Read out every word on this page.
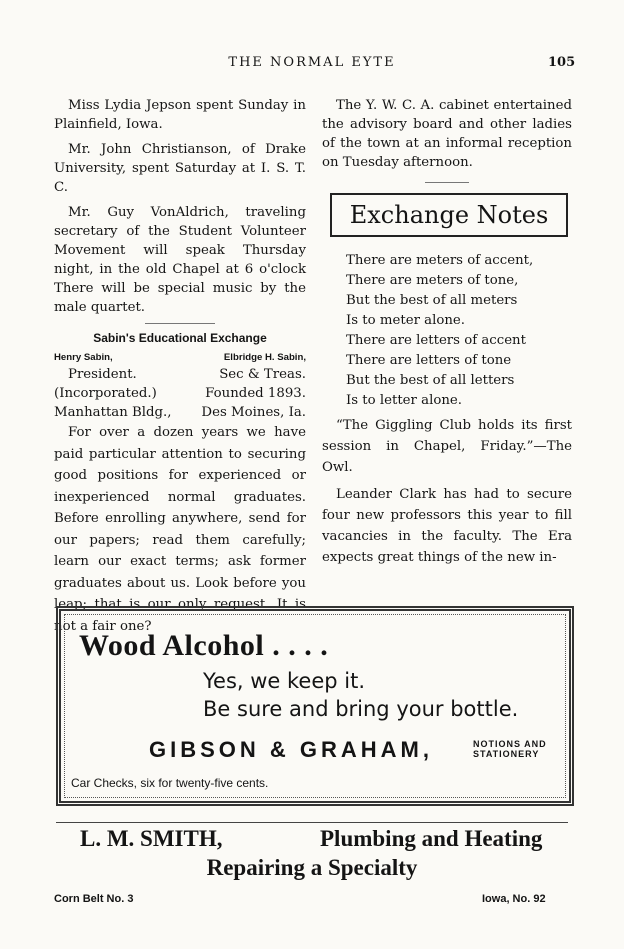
THE NORMAL EYTE	105

Miss Lydia Jepson spent Sunday in Plainfield, Iowa.

Mr. John Christianson, of Drake University, spent Saturday at I. S. T. C.

Mr. Guy VonAldrich, traveling secretary of the Student Volunteer Movement will speak Thursday night, in the old Chapel at 6 o'clock There will be special music by the male quartet.

Sabin's Educational Exchange
Henry Sabin,	Elbridge H. Sabin,
President.	Sec & Treas.
(Incorporated.)	Founded 1893.
Manhattan Bldg., Des Moines, Ia.

For over a dozen years we have paid particular attention to securing good positions for experienced or inexperienced normal graduates. Before enrolling anywhere, send for our papers; read them carefully; learn our exact terms; ask former graduates about us. Look before you leap; that is our only request. It is not a fair one?

The Y. W. C. A. cabinet entertained the advisory board and other ladies of the town at an informal reception on Tuesday afternoon.

Exchange Notes
There are meters of accent,
There are meters of tone,
But the best of all meters
Is to meter alone.
There are letters of accent
There are letters of tone
But the best of all letters
Is to letter alone.

“The Giggling Club holds its first session in Chapel, Friday.”—The Owl.

Leander Clark has had to secure four new professors this year to fill vacancies in the faculty. The Era expects great things of the new in-

Wood Alcohol . . . .
Yes, we keep it.
Be sure and bring your bottle.
GIBSON & GRAHAM,	NOTIONS AND
STATIONERY
Car Checks, six for twenty-five cents.
L. M. SMITH,	Plumbing and Heating
Repairing a Specialty
Corn Belt No. 3	Iowa, No. 92
